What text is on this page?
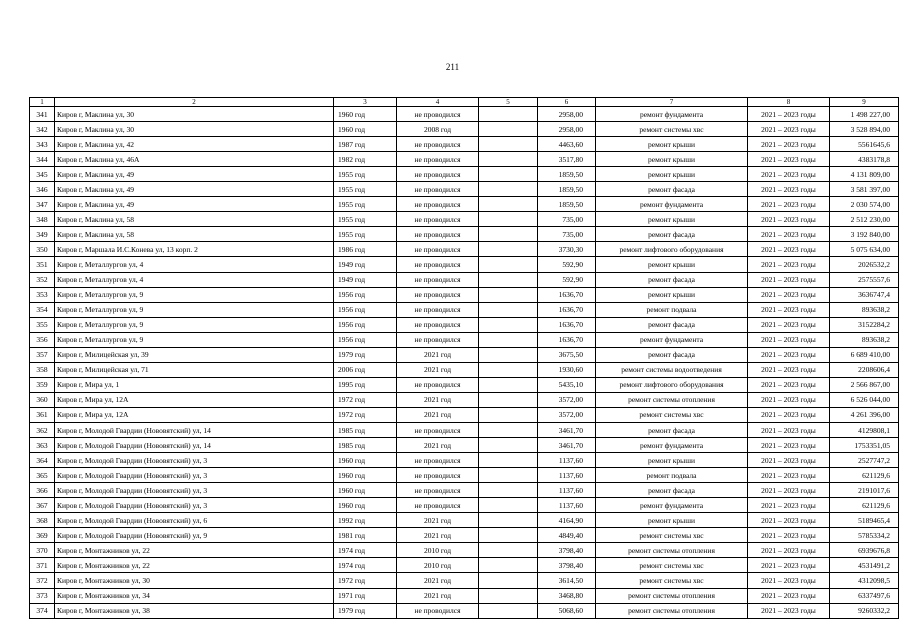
211
1	2	3	4	5	6	7	8	9
341	Киров г, Маклина ул, 30	1960 год	не проводился		2958,00	ремонт фундамента	2021 – 2023 годы	1 498 227,00
342	Киров г, Маклина ул, 30	1960 год	2008 год		2958,00	ремонт системы хвс	2021 – 2023 годы	3 528 894,00
343	Киров г, Маклина ул, 42	1987 год	не проводился		4463,60	ремонт крыши	2021 – 2023 годы	5561645,6
344	Киров г, Маклина ул, 46А	1982 год	не проводился		3517,80	ремонт крыши	2021 – 2023 годы	4383178,8
345	Киров г, Маклина ул, 49	1955 год	не проводился		1859,50	ремонт крыши	2021 – 2023 годы	4 131 809,00
346	Киров г, Маклина ул, 49	1955 год	не проводился		1859,50	ремонт фасада	2021 – 2023 годы	3 581 397,00
347	Киров г, Маклина ул, 49	1955 год	не проводился		1859,50	ремонт фундамента	2021 – 2023 годы	2 030 574,00
348	Киров г, Маклина ул, 58	1955 год	не проводился		735,00	ремонт крыши	2021 – 2023 годы	2 512 230,00
349	Киров г, Маклина ул, 58	1955 год	не проводился		735,00	ремонт фасада	2021 – 2023 годы	3 192 840,00
350	Киров г, Маршала И.С.Конева ул, 13 корп. 2	1986 год	не проводился		3730,30	ремонт лифтового оборудования	2021 – 2023 годы	5 075 634,00
351	Киров г, Металлургов ул, 4	1949 год	не проводился		592,90	ремонт крыши	2021 – 2023 годы	2026532,2
352	Киров г, Металлургов ул, 4	1949 год	не проводился		592,90	ремонт фасада	2021 – 2023 годы	2575557,6
353	Киров г, Металлургов ул, 9	1956 год	не проводился		1636,70	ремонт крыши	2021 – 2023 годы	3636747,4
354	Киров г, Металлургов ул, 9	1956 год	не проводился		1636,70	ремонт подвала	2021 – 2023 годы	893638,2
355	Киров г, Металлургов ул, 9	1956 год	не проводился		1636,70	ремонт фасада	2021 – 2023 годы	3152284,2
356	Киров г, Металлургов ул, 9	1956 год	не проводился		1636,70	ремонт фундамента	2021 – 2023 годы	893638,2
357	Киров г, Милицейская ул, 39	1979 год	2021 год		3675,50	ремонт фасада	2021 – 2023 годы	6 689 410,00
358	Киров г, Милицейская ул, 71	2006 год	2021 год		1930,60	ремонт системы водоотведения	2021 – 2023 годы	2208606,4
359	Киров г, Мира ул, 1	1995 год	не проводился		5435,10	ремонт лифтового оборудования	2021 – 2023 годы	2 566 867,00
360	Киров г, Мира ул, 12А	1972 год	2021 год		3572,00	ремонт системы отопления	2021 – 2023 годы	6 526 044,00
361	Киров г, Мира ул, 12А	1972 год	2021 год		3572,00	ремонт системы хвс	2021 – 2023 годы	4 261 396,00
362	Киров г, Молодой Гвардии (Нововятский) ул, 14	1985 год	не проводился		3461,70	ремонт фасада	2021 – 2023 годы	4129808,1
363	Киров г, Молодой Гвардии (Нововятский) ул, 14	1985 год	2021 год		3461,70	ремонт фундамента	2021 – 2023 годы	1753351,05
364	Киров г, Молодой Гвардии (Нововятский) ул, 3	1960 год	не проводился		1137,60	ремонт крыши	2021 – 2023 годы	2527747,2
365	Киров г, Молодой Гвардии (Нововятский) ул, 3	1960 год	не проводился		1137,60	ремонт подвала	2021 – 2023 годы	621129,6
366	Киров г, Молодой Гвардии (Нововятский) ул, 3	1960 год	не проводился		1137,60	ремонт фасада	2021 – 2023 годы	2191017,6
367	Киров г, Молодой Гвардии (Нововятский) ул, 3	1960 год	не проводился		1137,60	ремонт фундамента	2021 – 2023 годы	621129,6
368	Киров г, Молодой Гвардии (Нововятский) ул, 6	1992 год	2021 год		4164,90	ремонт крыши	2021 – 2023 годы	5189465,4
369	Киров г, Молодой Гвардии (Нововятский) ул, 9	1981 год	2021 год		4849,40	ремонт системы хвс	2021 – 2023 годы	5785334,2
370	Киров г, Монтажников ул, 22	1974 год	2010 год		3798,40	ремонт системы отопления	2021 – 2023 годы	6939676,8
371	Киров г, Монтажников ул, 22	1974 год	2010 год		3798,40	ремонт системы хвс	2021 – 2023 годы	4531491,2
372	Киров г, Монтажников ул, 30	1972 год	2021 год		3614,50	ремонт системы хвс	2021 – 2023 годы	4312098,5
373	Киров г, Монтажников ул, 34	1971 год	2021 год		3468,80	ремонт системы отопления	2021 – 2023 годы	6337497,6
374	Киров г, Монтажников ул, 38	1979 год	не проводился		5068,60	ремонт системы отопления	2021 – 2023 годы	9260332,2
